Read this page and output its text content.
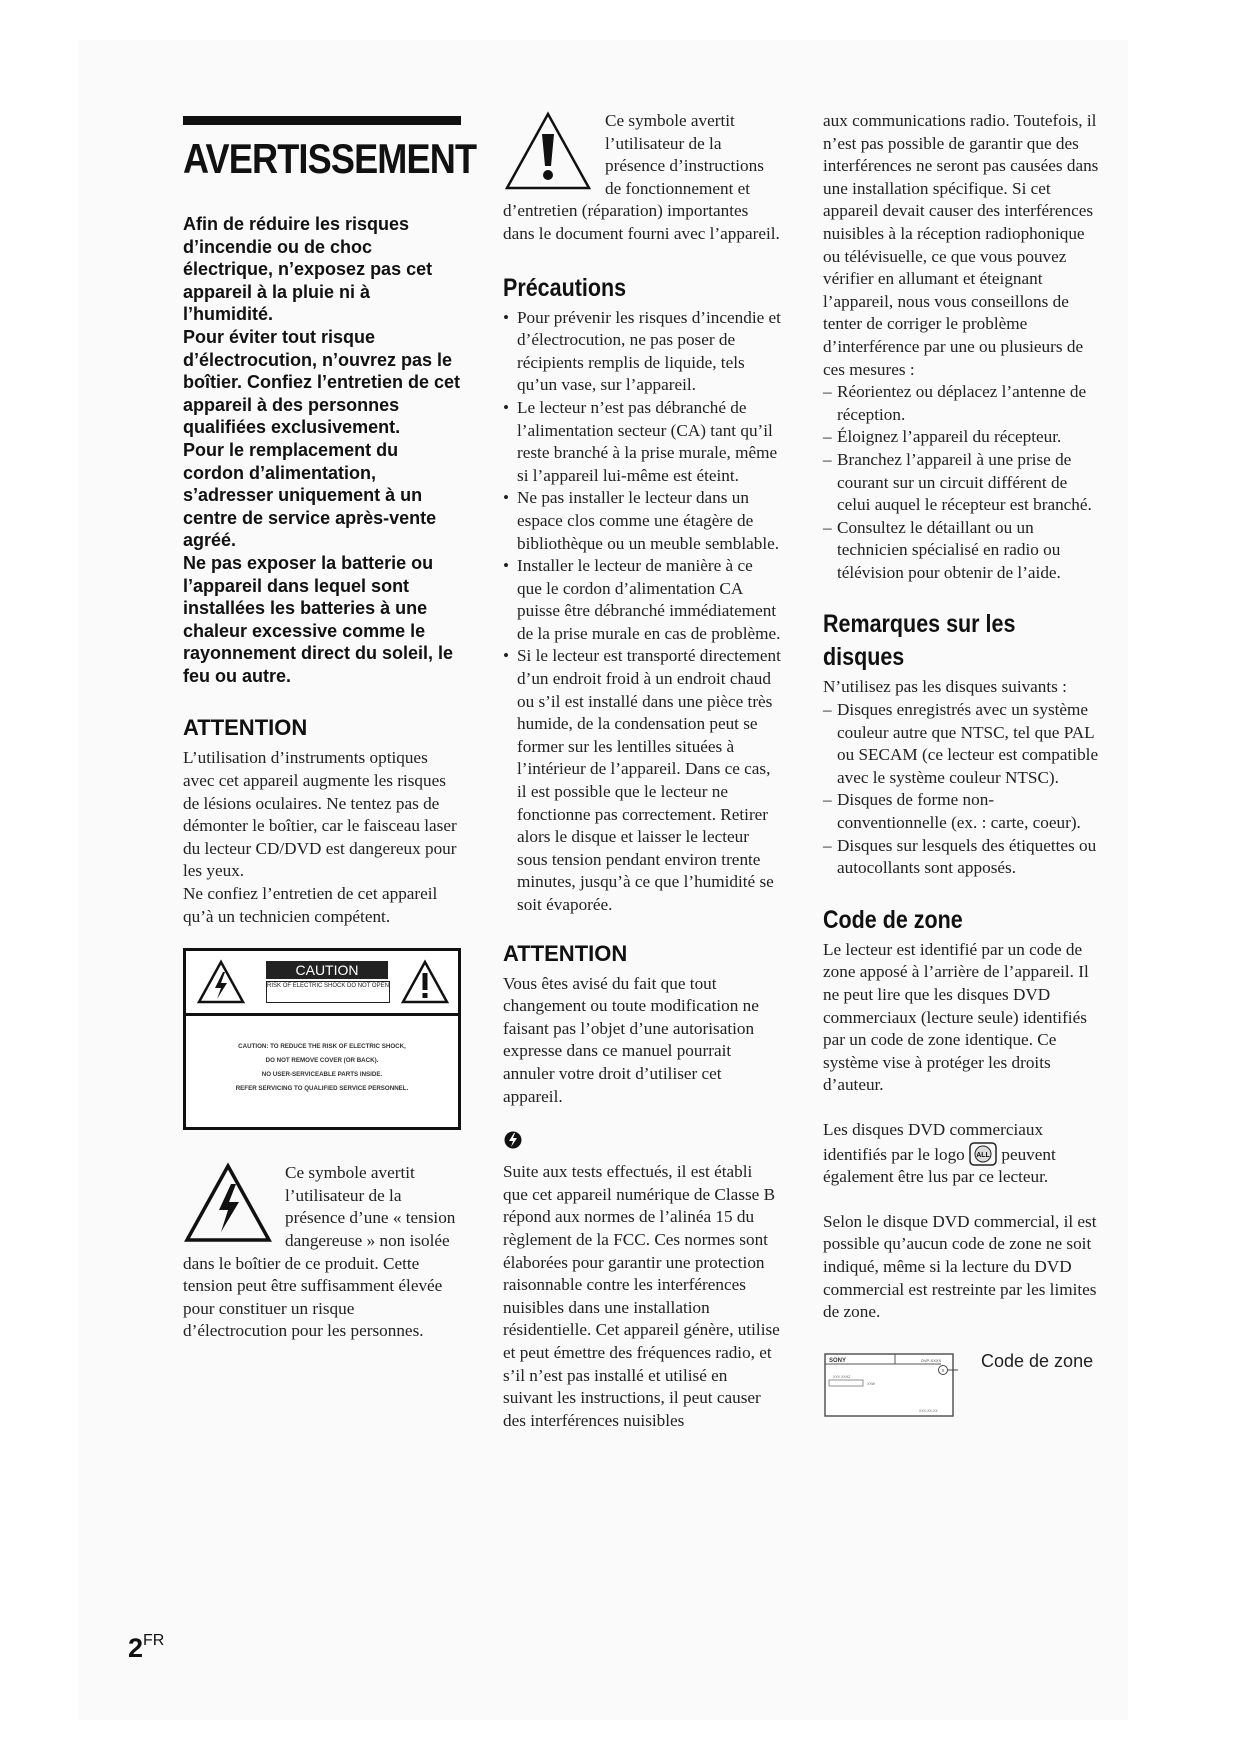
AVERTISSEMENT

Afin de réduire les risques d’incendie ou de choc électrique, n’exposez pas cet appareil à la pluie ni à l’humidité.

Pour éviter tout risque d’électrocution, n’ouvrez pas le boîtier. Confiez l’entretien de cet appareil à des personnes qualifiées exclusivement.

Pour le remplacement du cordon d’alimentation, s’adresser uniquement à un centre de service après-vente agréé.

Ne pas exposer la batterie ou l’appareil dans lequel sont installées les batteries à une chaleur excessive comme le rayonnement direct du soleil, le feu ou autre.

ATTENTION

L’utilisation d’instruments optiques avec cet appareil augmente les risques de lésions oculaires. Ne tentez pas de démonter le boîtier, car le faisceau laser du lecteur CD/DVD est dangereux pour les yeux.

Ne confiez l’entretien de cet appareil qu’à un technicien compétent.

CAUTION
RISK OF ELECTRIC SHOCK DO NOT OPEN
CAUTION: TO REDUCE THE RISK OF ELECTRIC SHOCK,
DO NOT REMOVE COVER (OR BACK).
NO USER-SERVICEABLE PARTS INSIDE.
REFER SERVICING TO QUALIFIED SERVICE PERSONNEL.
Ce symbole avertit l’utilisateur de la présence d’une « tension dangereuse » non isolée dans le boîtier de ce produit. Cette tension peut être suffisamment élevée pour constituer un risque d’électrocution pour les personnes.
Ce symbole avertit l’utilisateur de la présence d’instructions de fonctionnement et d’entretien (réparation) importantes dans le document fourni avec l’appareil.
Précautions
• Pour prévenir les risques d’incendie et d’électrocution, ne pas poser de récipients remplis de liquide, tels qu’un vase, sur l’appareil.
• Le lecteur n’est pas débranché de l’alimentation secteur (CA) tant qu’il reste branché à la prise murale, même si l’appareil lui-même est éteint.
• Ne pas installer le lecteur dans un espace clos comme une étagère de bibliothèque ou un meuble semblable.
• Installer le lecteur de manière à ce que le cordon d’alimentation CA puisse être débranché immédiatement de la prise murale en cas de problème.
• Si le lecteur est transporté directement d’un endroit froid à un endroit chaud ou s’il est installé dans une pièce très humide, de la condensation peut se former sur les lentilles situées à l’intérieur de l’appareil. Dans ce cas, il est possible que le lecteur ne fonctionne pas correctement. Retirer alors le disque et laisser le lecteur sous tension pendant environ trente minutes, jusqu’à ce que l’humidité se soit évaporée.
ATTENTION
Vous êtes avisé du fait que tout changement ou toute modification ne faisant pas l’objet d’une autorisation expresse dans ce manuel pourrait annuler votre droit d’utiliser cet appareil.
Suite aux tests effectués, il est établi que cet appareil numérique de Classe B répond aux normes de l’alinéa 15 du règlement de la FCC. Ces normes sont élaborées pour garantir une protection raisonnable contre les interférences nuisibles dans une installation résidentielle. Cet appareil génère, utilise et peut émettre des fréquences radio, et s’il n’est pas installé et utilisé en suivant les instructions, il peut causer des interférences nuisibles
aux communications radio. Toutefois, il n’est pas possible de garantir que des interférences ne seront pas causées dans une installation spécifique. Si cet appareil devait causer des interférences nuisibles à la réception radiophonique ou télévisuelle, ce que vous pouvez vérifier en allumant et éteignant l’appareil, nous vous conseillons de tenter de corriger le problème d’interférence par une ou plusieurs de ces mesures :
– Réorientez ou déplacez l’antenne de réception.
– Éloignez l’appareil du récepteur.
– Branchez l’appareil à une prise de courant sur un circuit différent de celui auquel le récepteur est branché.
– Consultez le détaillant ou un technicien spécialisé en radio ou télévision pour obtenir de l’aide.
Remarques sur les disques
N’utilisez pas les disques suivants :
– Disques enregistrés avec un système couleur autre que NTSC, tel que PAL ou SECAM (ce lecteur est compatible avec le système couleur NTSC).
– Disques de forme non-conventionnelle (ex. : carte, coeur).
– Disques sur lesquels des étiquettes ou autocollants sont apposés.
Code de zone
Le lecteur est identifié par un code de zone apposé à l’arrière de l’appareil. Il ne peut lire que les disques DVD commerciaux (lecture seule) identifiés par un code de zone identique. Ce système vise à protéger les droits d’auteur.
Les disques DVD commerciaux identifiés par le logo ALL peuvent également être lus par ce lecteur.
Selon le disque DVD commercial, il est possible qu’aucun code de zone ne soit indiqué, même si la lecture du DVD commercial est restreinte par les limites de zone.
SONY	DVP-XXXX
X
XXV XXHZ
XXW
XXX-XX-XX
Code de zone
$2^{FR}$
